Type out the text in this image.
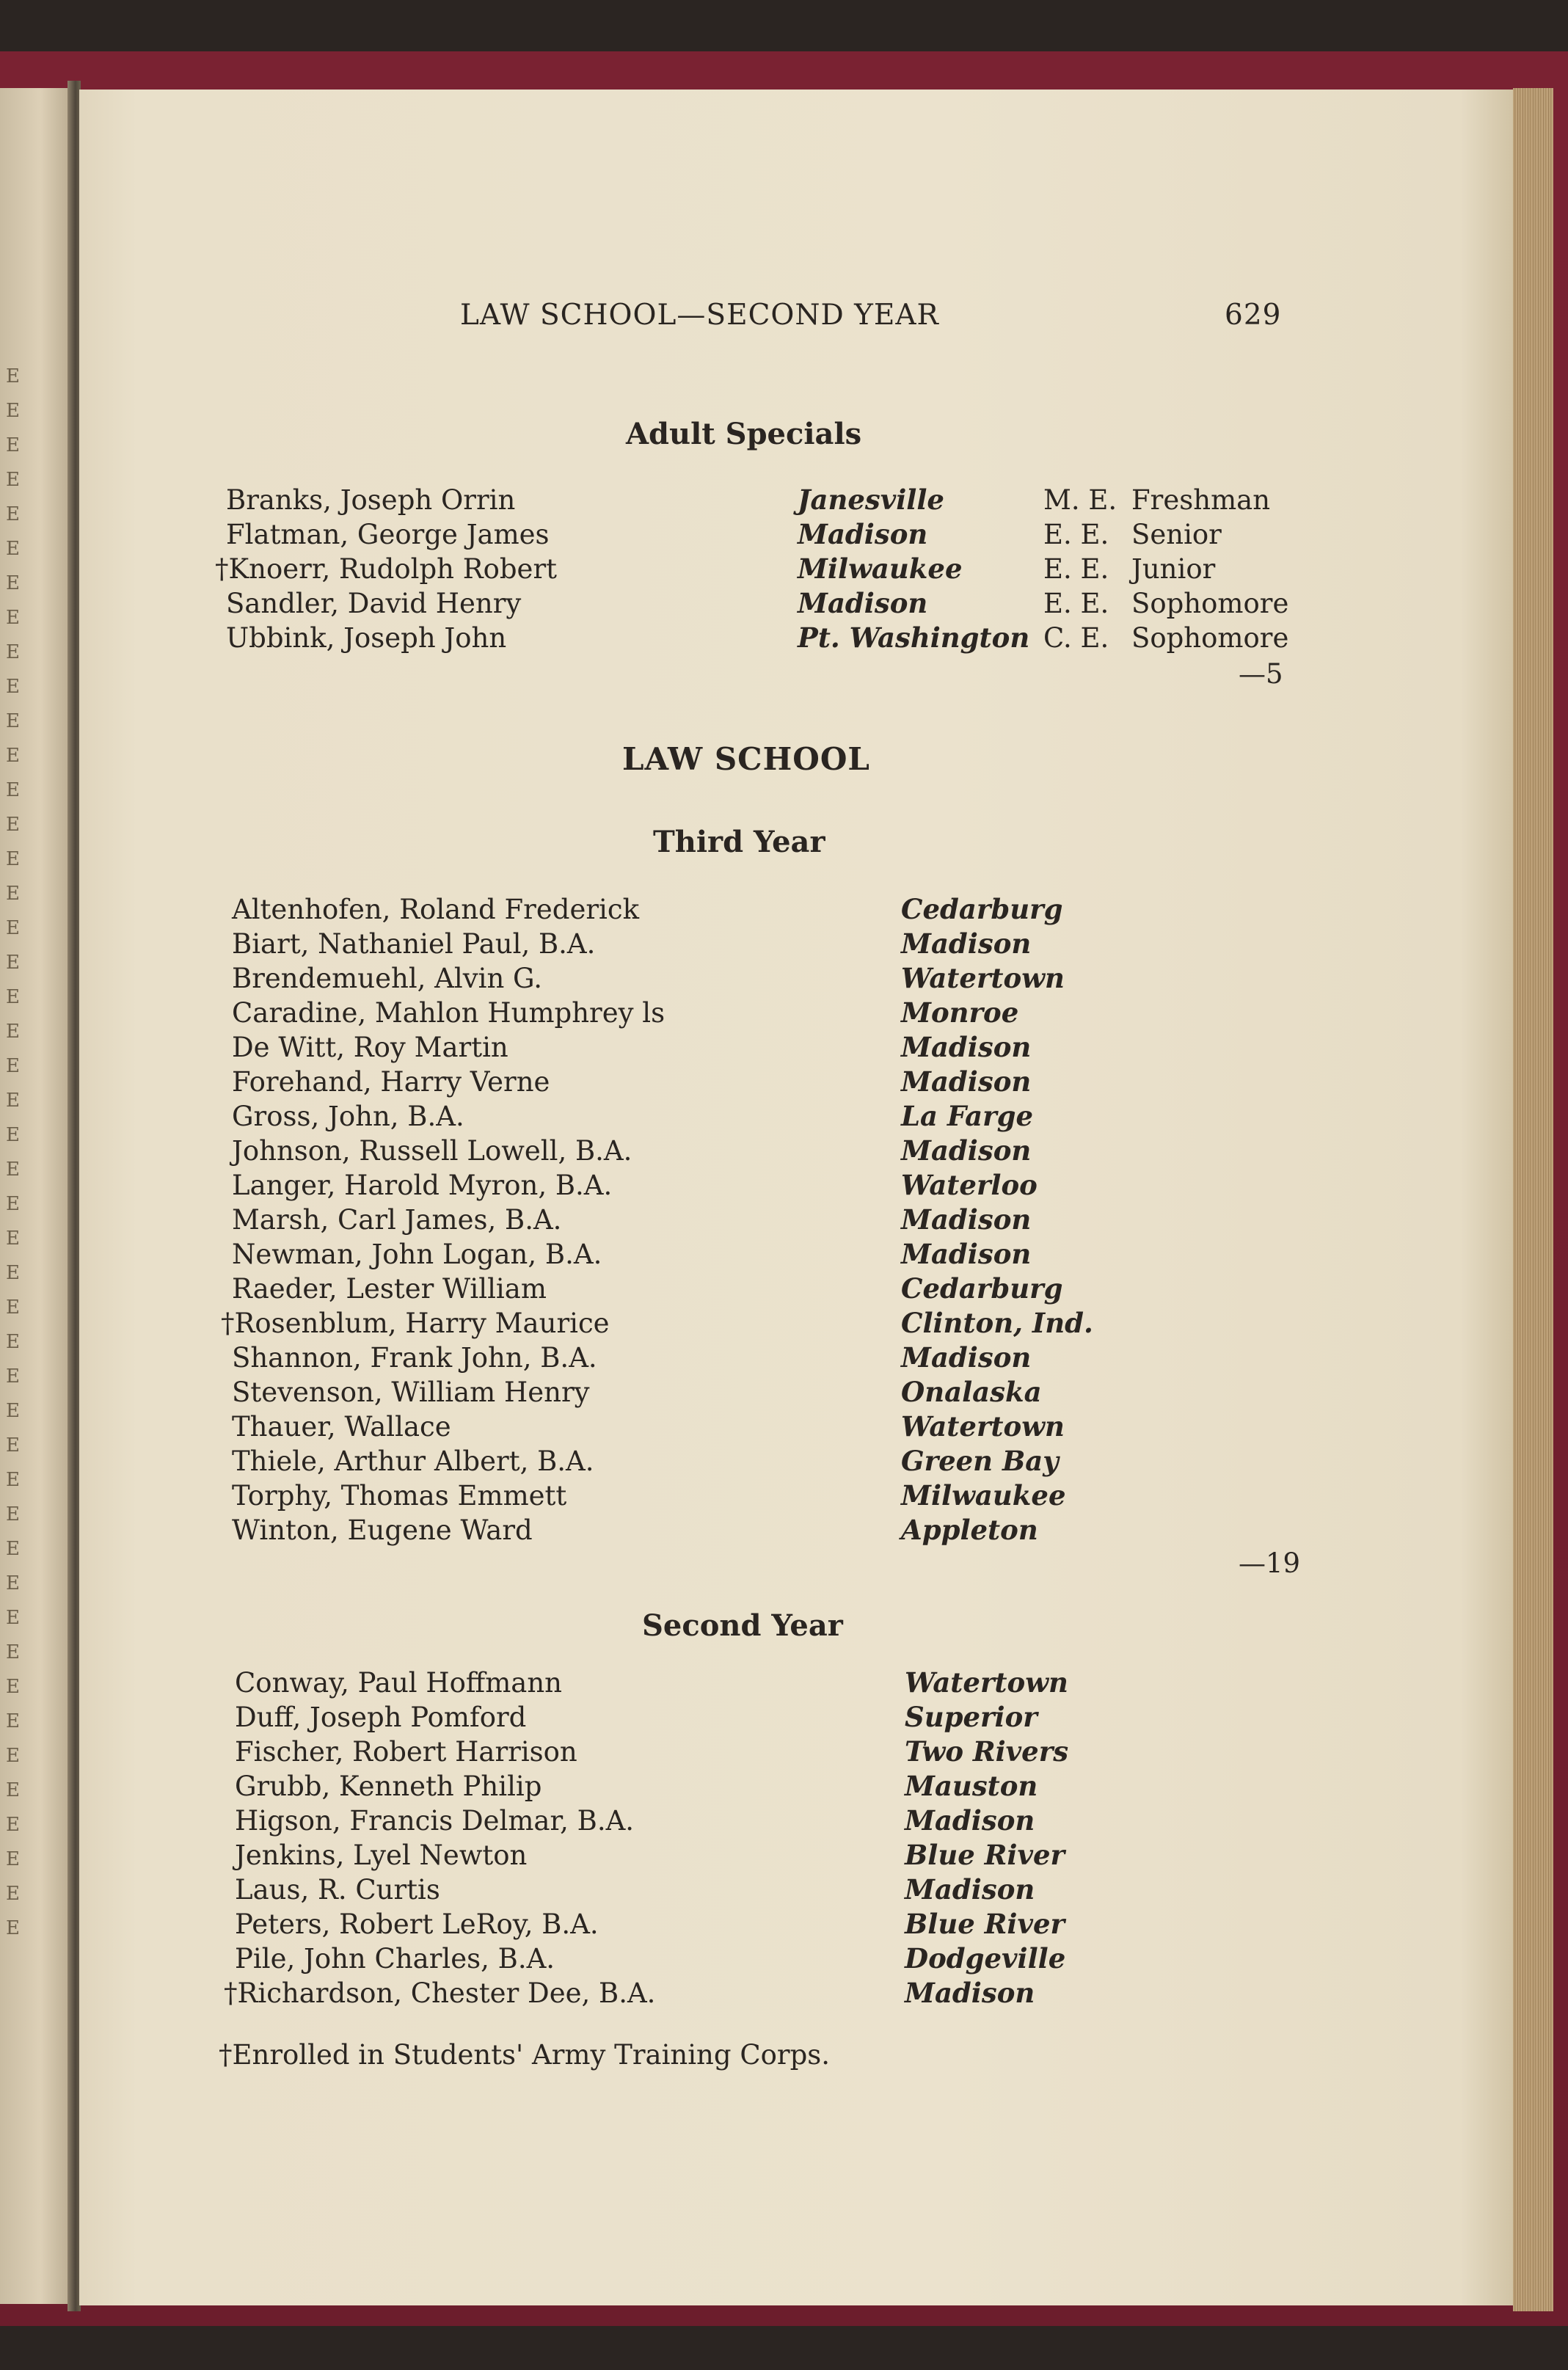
E
E
E
E
E
E
E
E
E
E
E
E
E
E
E
E
E
E
E
E
E
E
E
E
E
E
E
E
E
E
E
E
E
E
E
E
E
E
E
E
E
E
E
E
E
E
LAW SCHOOL—SECOND YEAR	629
Adult Specials
Branks, Joseph Orrin
Flatman, George James
†Knoerr, Rudolph Robert
Sandler, David Henry
Ubbink, Joseph John
Janesville
Madison
Milwaukee
Madison
Pt. Washington
M. E.
E. E.
E. E.
E. E.
C. E.
Freshman
Senior
Junior
Sophomore
Sophomore
—5
LAW SCHOOL
Third Year
Altenhofen, Roland Frederick
Biart, Nathaniel Paul, B.A.
Brendemuehl, Alvin G.
Caradine, Mahlon Humphrey ls
De Witt, Roy Martin
Forehand, Harry Verne
Gross, John, B.A.
Johnson, Russell Lowell, B.A.
Langer, Harold Myron, B.A.
Marsh, Carl James, B.A.
Newman, John Logan, B.A.
Raeder, Lester William
†Rosenblum, Harry Maurice
Shannon, Frank John, B.A.
Stevenson, William Henry
Thauer, Wallace
Thiele, Arthur Albert, B.A.
Torphy, Thomas Emmett
Winton, Eugene Ward
Cedarburg
Madison
Watertown
Monroe
Madison
Madison
La Farge
Madison
Waterloo
Madison
Madison
Cedarburg
Clinton, Ind.
Madison
Onalaska
Watertown
Green Bay
Milwaukee
Appleton
—19
Second Year
Conway, Paul Hoffmann
Duff, Joseph Pomford
Fischer, Robert Harrison
Grubb, Kenneth Philip
Higson, Francis Delmar, B.A.
Jenkins, Lyel Newton
Laus, R. Curtis
Peters, Robert LeRoy, B.A.
Pile, John Charles, B.A.
†Richardson, Chester Dee, B.A.
Watertown
Superior
Two Rivers
Mauston
Madison
Blue River
Madison
Blue River
Dodgeville
Madison
†Enrolled in Students' Army Training Corps.
